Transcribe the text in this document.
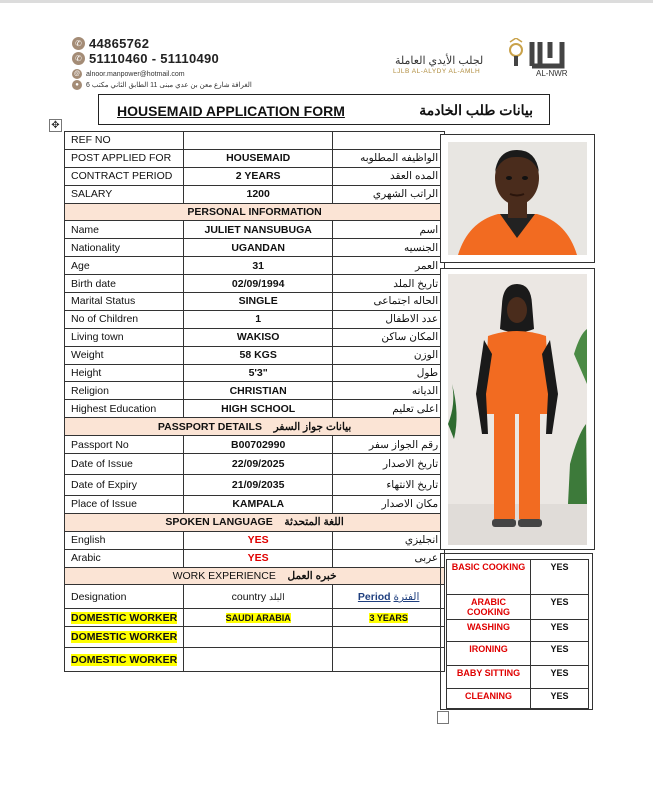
✆ 44865762
✆ 51110460 - 51110490
@ alnoor.manpower@hotmail.com
●	الغرافة شارع معن بن عدي مبنى 11 الطابق الثاني مكتب 6
لجلب الأيدي العاملة
LJLB AL-ALYDY AL-AMLH	AL-NWR
HOUSEMAID APPLICATION FORM	بيانات طلب الخادمة
✥
REF NO		
POST APPLIED FOR	HOUSEMAID	الواظيفه المطلوبه
CONTRACT PERIOD	2 YEARS	المده العقد
SALARY	1200	الراتب الشهري
PERSONAL INFORMATION		
Name	JULIET NANSUBUGA	اسم
Nationality	UGANDAN	الجنسيه
Age	31	العمر
Birth date	02/09/1994	تاريخ الملد
Marital Status	SINGLE	الحاله اجتماعى
No of Children	1	عدد الاطفال
Living town	WAKISO	المكان ساكن
Weight	58 KGS	الوزن
Height	5'3"	طول
Religion	CHRISTIAN	الديانه
Highest Education	HIGH SCHOOL	اعلى تعليم
PASSPORT DETAILS بيانات جواز السفر		
Passport No	B00702990	رقم الجواز سفر
Date of Issue	22/09/2025	تاريخ الاصدار
Date of Expiry	21/09/2035	تاريخ الانتهاء
Place of Issue	KAMPALA	مكان الاصدار
SPOKEN LANGUAGE اللغة المتحدثة		
English	YES	انجليزي
Arabic	YES	عربى
WORK EXPERIENCE خبره العمل		
Designation	country البلد	Period الفترة
DOMESTIC WORKER	SAUDI ARABIA	3 YEARS
DOMESTIC WORKER		
DOMESTIC WORKER		
BASIC COOKING	YES
ARABIC COOKING	YES
WASHING	YES
IRONING	YES
BABY SITTING	YES
CLEANING	YES
